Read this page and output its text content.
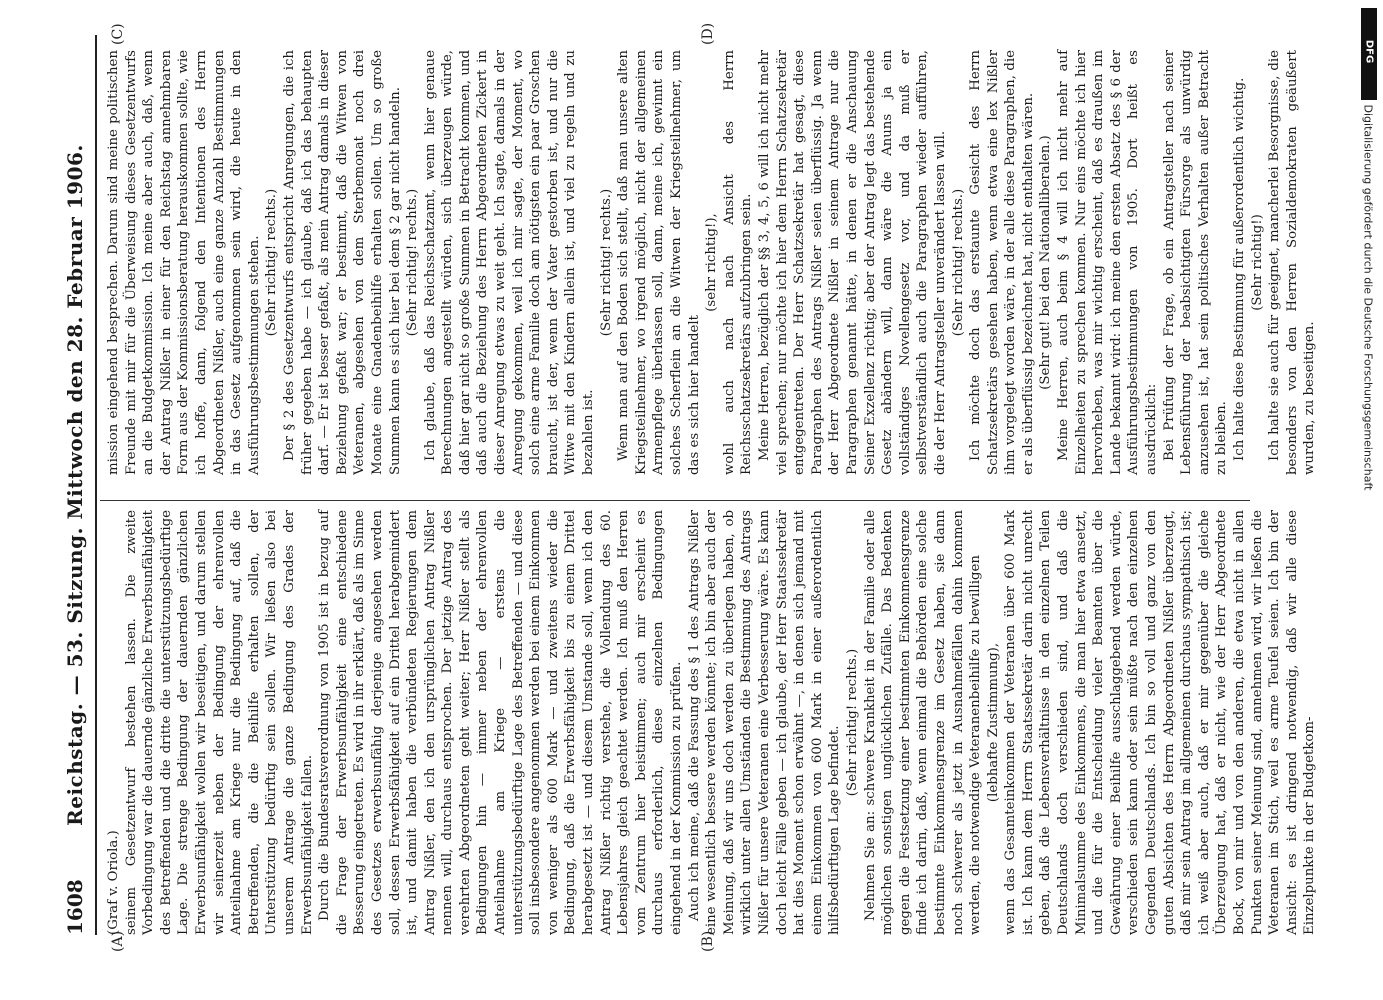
1608
Reichstag. — 53. Sitzung. Mittwoch den 28. Februar 1906.

(Graf v. Oriola.) seinem Gesetzentwurf bestehen lassen. Die zweite Vorbedingung war die dauernde gänzliche Erwerbsunfähigkeit des Betreffenden und die dritte die unterstützungsbedürftige Lage. Die strenge Bedingung der dauernden gänzlichen Erwerbsunfähigkeit wollen wir beseitigen, und darum stellen wir seinerzeit neben der Bedingung der ehrenvollen Anteilnahme am Kriege nur die Bedingung auf, daß die Betreffenden, die die Beihilfe erhalten sollen, der Unterstützung bedürftig sein sollen. Wir ließen also bei unserem Antrage die ganze Bedingung des Grades der Erwerbsunfähigkeit fallen. Durch die Bundesratsverordnung von 1905 ist in bezug auf die Frage der Erwerbsunfähigkeit eine entschiedene Besserung eingetreten. Es wird in ihr erklärt, daß als im Sinne des Gesetzes erwerbsunfähig derjenige angesehen werden soll, dessen Erwerbsfähigkeit auf ein Drittel herabgemindert ist, und damit haben die verbündeten Regierungen dem Antrag Nißler, den ich den ursprünglichen Antrag Nißler nennen will, durchaus entsprochen. Der jetzige Antrag des verehrten Abgeordneten geht weiter; Herr Nißler stellt als Bedingungen hin — immer neben der ehrenvollen Anteilnahme am Kriege — erstens die unterstützungsbedürftige Lage des Betreffenden — und diese soll insbesondere angenommen werden bei einem Einkommen von weniger als 600 Mark — und zweitens wieder die Bedingung, daß die Erwerbsfähigkeit bis zu einem Drittel herabgesetzt ist — und diesem Umstande soll, wenn ich den Antrag Nißler richtig verstehe, die Vollendung des 60. Lebensjahres gleich geachtet werden. Ich muß den Herren vom Zentrum hier beistimmen; auch mir erscheint es durchaus erforderlich, diese einzelnen Bedingungen eingehend in der Kommission zu prüfen. Auch ich meine, daß die Fassung des § 1 des Antrags Nißler eine wesentlich bessere werden könnte; ich bin aber auch der Meinung, daß wir uns doch werden zu überlegen haben, ob wirklich unter allen Umständen die Bestimmung des Antrags Nißler für unsere Veteranen eine Verbesserung wäre. Es kann doch leicht Fälle geben — ich glaube, der Herr Staatssekretär hat dies Moment schon erwähnt —, in denen sich jemand mit einem Einkommen von 600 Mark in einer außerordentlich hilfsbedürftigen Lage befindet.

(Sehr richtig! rechts.) Nehmen Sie an: schwere Krankheit in der Familie oder alle möglichen sonstigen unglücklichen Zufälle. Das Bedenken gegen die Festsetzung einer bestimmten Einkommensgrenze finde ich darin, daß, wenn einmal die Behörden eine solche bestimmte Einkommensgrenze im Gesetz haben, sie dann noch schwerer als jetzt in Ausnahmefällen dahin kommen werden, die notwendige Veteranenbeihilfe zu bewilligen (lebhafte Zustimmung), wenn das Gesamteinkommen der Veteranen über 600 Mark ist. Ich kann dem Herrn Staatssekretär darin nicht unrecht geben, daß die Lebensverhältnisse in den einzelnen Teilen Deutschlands doch verschieden sind, und daß die Minimalsumme des Einkommens, die man hier etwa ansetzt, und die für die Entscheidung vieler Beamten über die Gewährung einer Beihilfe ausschlaggebend werden würde, verschieden sein kann oder sein müßte nach den einzelnen Gegenden Deutschlands. Ich bin so voll und ganz von den guten Absichten des Herrn Abgeordneten Nißler überzeugt, daß mir sein Antrag im allgemeinen durchaus sympathisch ist; ich weiß aber auch, daß er mir gegenüber die gleiche Überzeugung hat, daß er nicht, wie der Herr Abgeordnete Bock, von mir und von den anderen, die etwa nicht in allen Punkten seiner Meinung sind, annehmen wird, wir ließen die Veteranen im Stich, weil es arme Teufel seien. Ich bin der Ansicht: es ist dringend notwendig, daß wir alle diese Einzelpunkte in der Budgetkom-

mission eingehend besprechen. Darum sind meine politischen Freunde mit mir für die Überweisung dieses Gesetzentwurfs an die Budgetkommission. Ich meine aber auch, daß, wenn der Antrag Nißler in einer für den Reichstag annehmbaren Form aus der Kommissionsberatung herauskommen sollte, wie ich hoffe, dann, folgend den Intentionen des Herrn Abgeordneten Nißler, auch eine ganze Anzahl Bestimmungen in das Gesetz aufgenommen sein wird, die heute in den Ausführungsbestimmungen stehen. (Sehr richtig! rechts.) Der § 2 des Gesetzentwurfs entspricht Anregungen, die ich früher gegeben habe — ich glaube, daß ich das behaupten darf. — Er ist besser gefaßt, als mein Antrag damals in dieser Beziehung gefaßt war; er bestimmt, daß die Witwen von Veteranen, abgesehen von dem Sterbemonat noch drei Monate eine Gnadenbeihilfe erhalten sollen. Um so große Summen kann es sich hier bei dem § 2 gar nicht handeln. (Sehr richtig! rechts.) Ich glaube, daß das Reichsschatzamt, wenn hier genaue Berechnungen angestellt würden, sich überzeugen würde, daß hier gar nicht so große Summen in Betracht kommen, und daß auch die Beziehung des Herrn Abgeordneten Zickert in dieser Anregung etwas zu weit geht. Ich sagte, damals in der Anregung gekommen, weil ich mir sagte, der Moment, wo solch eine arme Familie doch am nötigsten ein paar Groschen braucht, ist der, wenn der Vater gestorben ist, und nur die Witwe mit den Kindern allein ist, und viel zu regeln und zu bezahlen ist.

(Sehr richtig! rechts.) Wenn man auf den Boden sich stellt, daß man unsere alten Kriegsteilnehmer, wo irgend möglich, nicht der allgemeinen Armenpflege überlassen soll, dann, meine ich, gewinnt ein solches Scherflein an die Witwen der Kriegsteilnehmer, um das es sich hier handelt

(sehr richtig!), wohl auch nach nach Ansicht des Herrn Reichsschatzsekretärs aufzubringen sein. Meine Herren, bezüglich der §§ 3, 4, 5, 6 will ich nicht mehr viel sprechen; nur möchte ich hier dem Herrn Schatzsekretär entgegentreten. Der Herr Schatzsekretär hat gesagt, diese Paragraphen des Antrags Nißler seien überflüssig. Ja wenn der Herr Abgeordnete Nißler in seinem Antrage nur die Paragraphen genannt hätte, in denen er die Anschauung Seiner Exzellenz richtig; aber der Antrag legt das bestehende Gesetz abändern will, dann wäre die Anuns ja ein vollständiges Novellengesetz vor, und da muß er selbstverständlich auch die Paragraphen wieder aufführen, die der Herr Antragsteller unverändert lassen will. (Sehr richtig! rechts.) Ich möchte doch das erstaunte Gesicht des Herrn Schatzsekretärs gesehen haben, wenn etwa eine lex Nißler ihm vorgelegt worden wäre, in der alle diese Paragraphen, die er als überflüssig bezeichnet hat, nicht enthalten wären. (Sehr gut! bei den Nationalliberalen.) Meine Herren, auch beim § 4 will ich nicht mehr auf Einzelheiten zu sprechen kommen. Nur eins möchte ich hier hervorheben, was mir wichtig erscheint, daß es draußen im Lande bekannt wird: ich meine den ersten Absatz des § 6 der Ausführungsbestimmungen von 1905. Dort heißt es ausdrücklich: Bei Prüfung der Frage, ob ein Antragsteller nach seiner Lebensführung der beabsichtigten Fürsorge als unwürdig anzusehen ist, hat sein politisches Verhalten außer Betracht zu bleiben. Ich halte diese Bestimmung für außerordentlich wichtig. (Sehr richtig!) Ich halte sie auch für geeignet, mancherlei Besorgnisse, die besonders von den Herren Sozialdemokraten geäußert wurden, zu beseitigen.

(A)	(B)
(C)	(D)
DFG
Digitalisierung gefördert durch die Deutsche Forschungsgemeinschaft
